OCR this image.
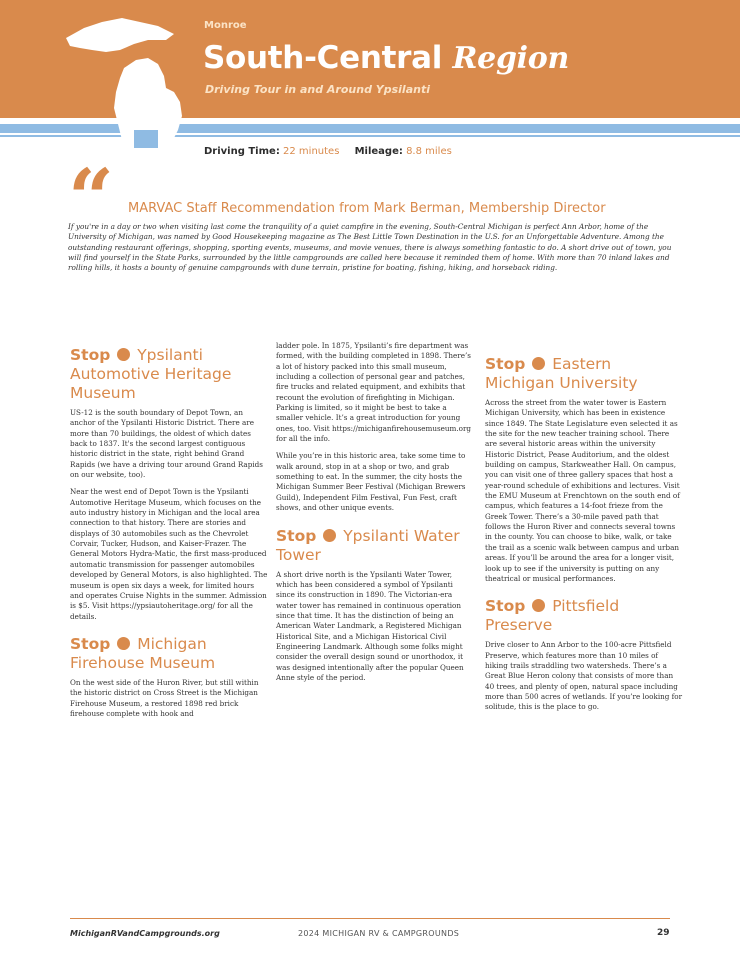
Monroe
South-Central Region
Driving Tour in and Around Ypsilanti
Driving Time: 22 minutes Mileage: 8.8 miles
“ MARVAC Staff Recommendation from Mark Berman, Membership Director
If you're in a day or two when visiting last come the tranquility of a quiet campfire in the evening, South-Central Michigan is perfect Ann Arbor, home of the University of Michigan, was named by Good Housekeeping magazine as The Best Little Town Destination in the U.S. for an Unforgettable Adventure. Among the outstanding restaurant offerings, shopping, sporting events, museums, and movie venues, there is always something fantastic to do. A short drive out of town, you will find yourself in the State Parks, surrounded by the little campgrounds are called here because it reminded them of home. With more than 70 inland lakes and rolling hills, it hosts a bounty of genuine campgrounds with dune terrain, pristine for boating, fishing, hiking, and horseback riding.
Stop Ypsilanti Automotive Heritage Museum

US-12 is the south boundary of Depot Town, an anchor of the Ypsilanti Historic District. There are more than 70 buildings, the oldest of which dates back to 1837. It's the second largest contiguous historic district in the state, right behind Grand Rapids (we have a driving tour around Grand Rapids on our website, too).

Near the west end of Depot Town is the Ypsilanti Automotive Heritage Museum, which focuses on the auto industry history in Michigan and the local area connection to that history. There are stories and displays of 30 automobiles such as the Chevrolet Corvair, Tucker, Hudson, and Kaiser-Frazer. The General Motors Hydra-Matic, the first mass-produced automatic transmission for passenger automobiles developed by General Motors, is also highlighted. The museum is open six days a week, for limited hours and operates Cruise Nights in the summer. Admission is $5. Visit https://ypsiautoheritage.org/ for all the details.

Stop Michigan Firehouse Museum

On the west side of the Huron River, but still within the historic district on Cross Street is the Michigan Firehouse Museum, a restored 1898 red brick firehouse complete with hook and

ladder pole. In 1875, Ypsilanti’s fire department was formed, with the building completed in 1898. There’s a lot of history packed into this small museum, including a collection of personal gear and patches, fire trucks and related equipment, and exhibits that recount the evolution of firefighting in Michigan. Parking is limited, so it might be best to take a smaller vehicle. It’s a great introduction for young ones, too. Visit https://michiganfirehousemuseum.org for all the info.

While you’re in this historic area, take some time to walk around, stop in at a shop or two, and grab something to eat. In the summer, the city hosts the Michigan Summer Beer Festival (Michigan Brewers Guild), Independent Film Festival, Fun Fest, craft shows, and other unique events.

Stop Ypsilanti Water Tower

A short drive north is the Ypsilanti Water Tower, which has been considered a symbol of Ypsilanti since its construction in 1890. The Victorian-era water tower has remained in continuous operation since that time. It has the distinction of being an American Water Landmark, a Registered Michigan Historical Site, and a Michigan Historical Civil Engineering Landmark. Although some folks might consider the overall design sound or unorthodox, it was designed intentionally after the popular Queen Anne style of the period.

Stop Eastern Michigan University

Across the street from the water tower is Eastern Michigan University, which has been in existence since 1849. The State Legislature even selected it as the site for the new teacher training school. There are several historic areas within the university Historic District, Pease Auditorium, and the oldest building on campus, Starkweather Hall. On campus, you can visit one of three gallery spaces that host a year-round schedule of exhibitions and lectures. Visit the EMU Museum at Frenchtown on the south end of campus, which features a 14-foot frieze from the Greek Tower. There’s a 30-mile paved path that follows the Huron River and connects several towns in the county. You can choose to bike, walk, or take the trail as a scenic walk between campus and urban areas. If you’ll be around the area for a longer visit, look up to see if the university is putting on any theatrical or musical performances.

Stop Pittsfield Preserve

Drive closer to Ann Arbor to the 100-acre Pittsfield Preserve, which features more than 10 miles of hiking trails straddling two watersheds. There’s a Great Blue Heron colony that consists of more than 40 trees, and plenty of open, natural space including more than 500 acres of wetlands. If you’re looking for solitude, this is the place to go.

MichiganRVandCampgrounds.org	2024 MICHIGAN RV & CAMPGROUNDS	29
